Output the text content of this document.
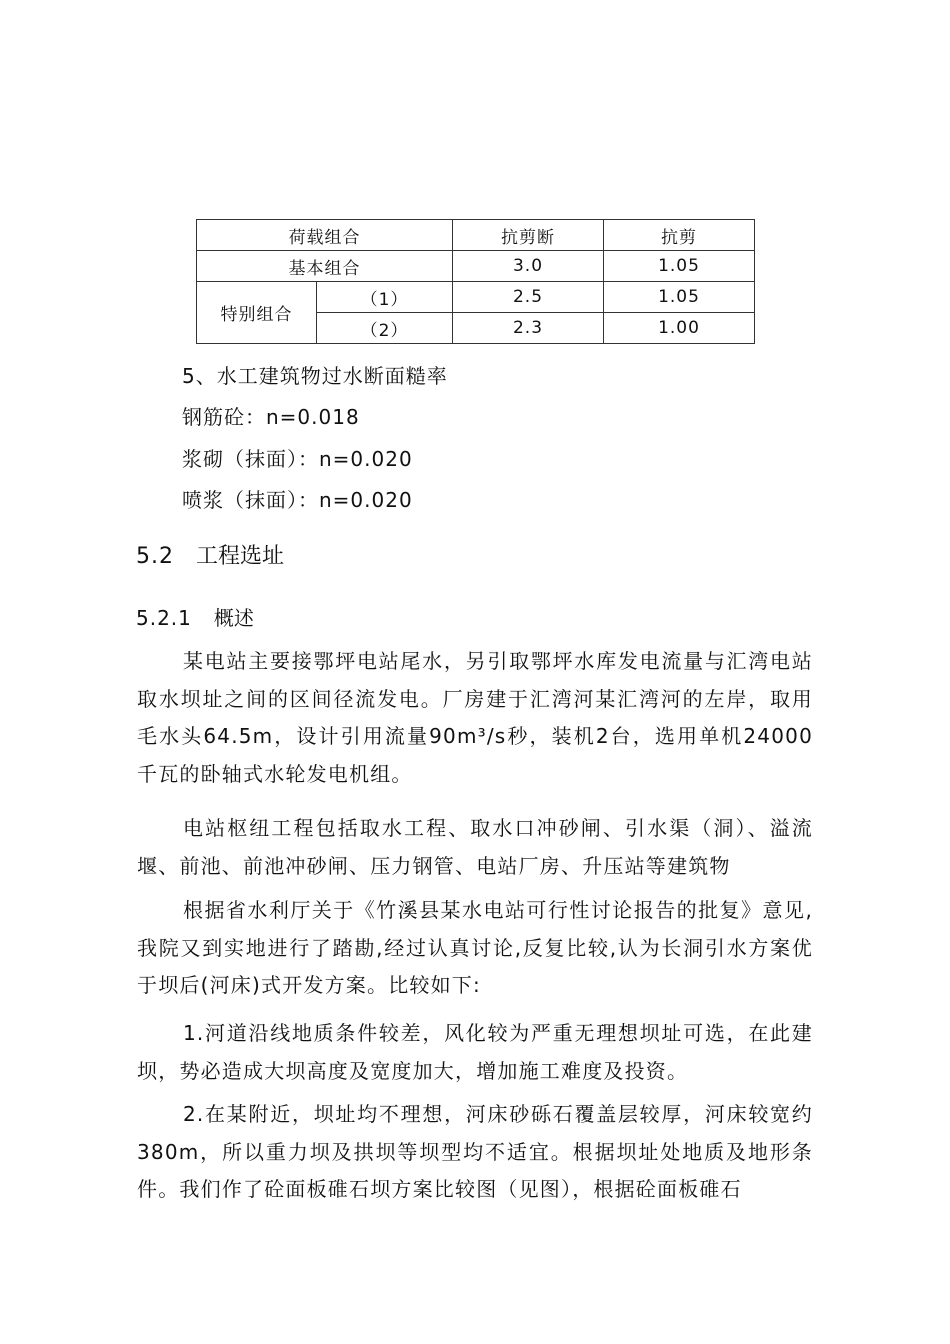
荷载组合		抗剪断	抗剪
基本组合		3.0	1.05
特别组合	（1）	2.5	1.05
	（2）	2.3	1.00
5、水工建筑物过水断面糙率
钢筋砼：n=0.018
浆砌（抹面）：n=0.020
喷浆（抹面）：n=0.020
5.2 工程选址
5.2.1 概述
某电站主要接鄂坪电站尾水，另引取鄂坪水库发电流量与汇湾电站取水坝址之间的区间径流发电。厂房建于汇湾河某汇湾河的左岸，取用毛水头64.5m，设计引用流量90m³/s秒，装机2台，选用单机24000千瓦的卧轴式水轮发电机组。
电站枢纽工程包括取水工程、取水口冲砂闸、引水渠（洞）、溢流堰、前池、前池冲砂闸、压力钢管、电站厂房、升压站等建筑物
根据省水利厅关于《竹溪县某水电站可行性讨论报告的批复》意见,我院又到实地进行了踏勘,经过认真讨论,反复比较,认为长洞引水方案优于坝后(河床)式开发方案。比较如下:
1.河道沿线地质条件较差，风化较为严重无理想坝址可选，在此建坝，势必造成大坝高度及宽度加大，增加施工难度及投资。
2.在某附近，坝址均不理想，河床砂砾石覆盖层较厚，河床较宽约380m，所以重力坝及拱坝等坝型均不适宜。根据坝址处地质及地形条件。我们作了砼面板碓石坝方案比较图（见图），根据砼面板碓石
